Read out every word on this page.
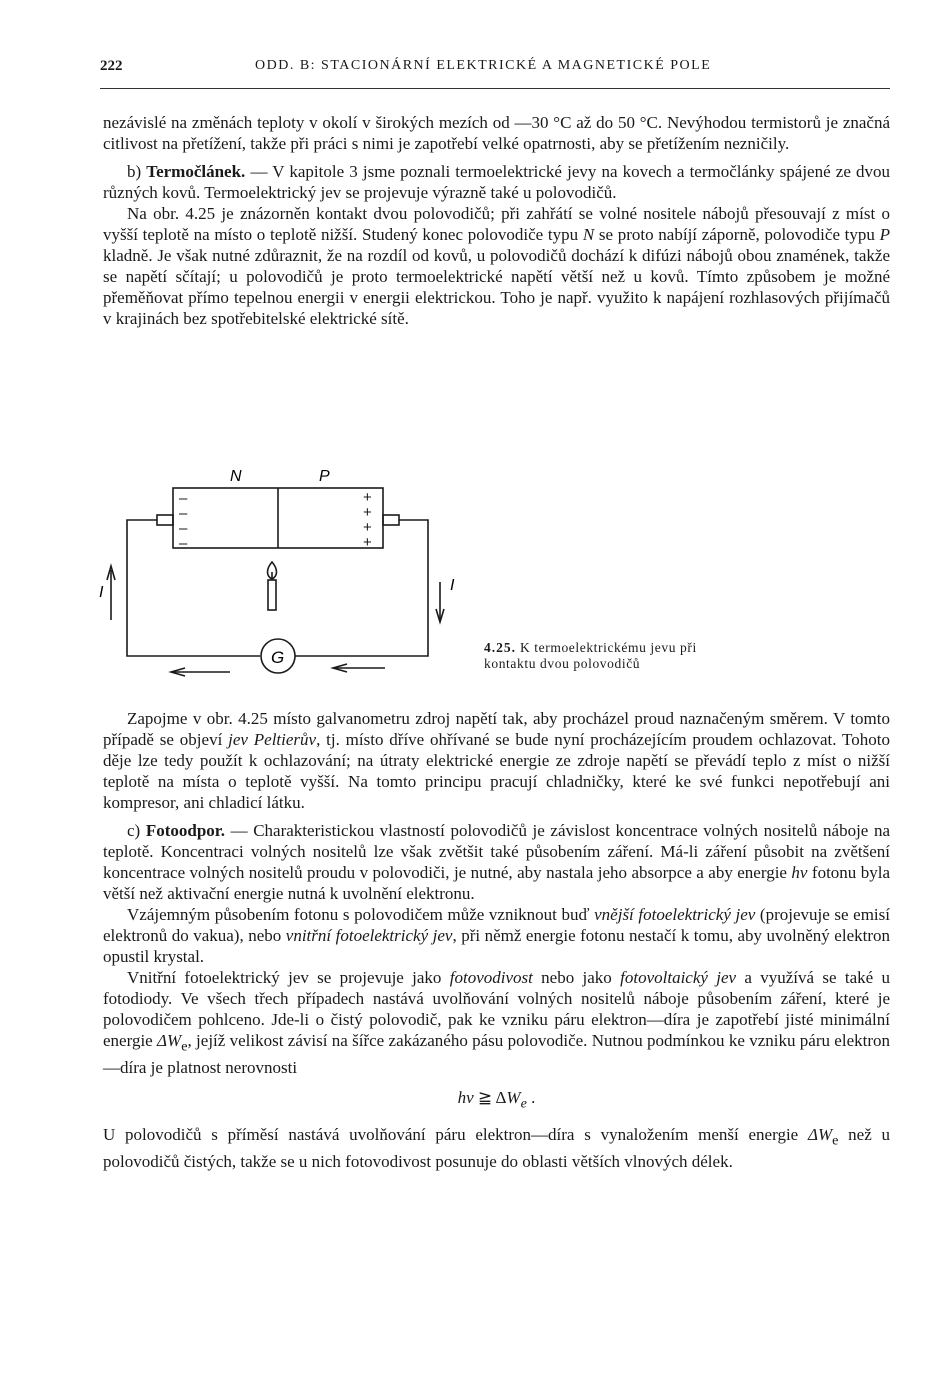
222	ODD. B: STACIONÁRNÍ ELEKTRICKÉ A MAGNETICKÉ POLE

nezávislé na změnách teploty v okolí v širokých mezích od —30 °C až do 50 °C. Nevýhodou termistorů je značná citlivost na přetížení, takže při práci s nimi je zapotřebí velké opatrnosti, aby se přetížením nezničily.

b) Termočlánek. — V kapitole 3 jsme poznali termoelektrické jevy na kovech a termočlánky spájené ze dvou různých kovů. Termoelektrický jev se projevuje výrazně také u polovodičů.

Na obr. 4.25 je znázorněn kontakt dvou polovodičů; při zahřátí se volné nositele nábojů přesouvají z míst o vyšší teplotě na místo o teplotě nižší. Studený konec polovodiče typu N se proto nabíjí záporně, polovodiče typu P kladně. Je však nutné zdůraznit, že na rozdíl od kovů, u polovodičů dochází k difúzi nábojů obou znamének, takže se napětí sčítají; u polovodičů je proto termoelektrické napětí větší než u kovů. Tímto způsobem je možné přeměňovat přímo tepelnou energii v energii elektrickou. Toho je např. využito k napájení rozhlasových přijímačů v krajinách bez spotřebitelské elektrické sítě.

N	P
–
–
–
–
+
+
+
+
G
I	I
4.25. K termoelektrickému jevu při kontaktu dvou polovodičů

Zapojme v obr. 4.25 místo galvanometru zdroj napětí tak, aby procházel proud naznačeným směrem. V tomto případě se objeví jev Peltierův, tj. místo dříve ohřívané se bude nyní procházejícím proudem ochlazovat. Tohoto děje lze tedy použít k ochlazování; na útraty elektrické energie ze zdroje napětí se převádí teplo z míst o nižší teplotě na místa o teplotě vyšší. Na tomto principu pracují chladničky, které ke své funkci nepotřebují ani kompresor, ani chladicí látku.

c) Fotoodpor. — Charakteristickou vlastností polovodičů je závislost koncentrace volných nositelů náboje na teplotě. Koncentraci volných nositelů lze však zvětšit také působením záření. Má-li záření působit na zvětšení koncentrace volných nositelů proudu v polovodiči, je nutné, aby nastala jeho absorpce a aby energie hν fotonu byla větší než aktivační energie nutná k uvolnění elektronu.

Vzájemným působením fotonu s polovodičem může vzniknout buď vnější fotoelektrický jev (projevuje se emisí elektronů do vakua), nebo vnitřní fotoelektrický jev, při němž energie fotonu nestačí k tomu, aby uvolněný elektron opustil krystal.

Vnitřní fotoelektrický jev se projevuje jako fotovodivost nebo jako fotovoltaický jev a využívá se také u fotodiody. Ve všech třech případech nastává uvolňování volných nositelů náboje působením záření, které je polovodičem pohlceno. Jde-li o čistý polovodič, pak ke vzniku páru elektron—díra je zapotřebí jisté minimální energie $\Delta W_e$, jejíž velikost závisí na šířce zakázaného pásu polovodiče. Nutnou podmínkou ke vzniku páru elektron—díra je platnost nerovnosti

hν ≧ $\Delta W_e$ .

U polovodičů s příměsí nastává uvolňování páru elektron—díra s vynaložením menší energie $\Delta W_e$ než u polovodičů čistých, takže se u nich fotovodivost posunuje do oblasti větších vlnových délek.
